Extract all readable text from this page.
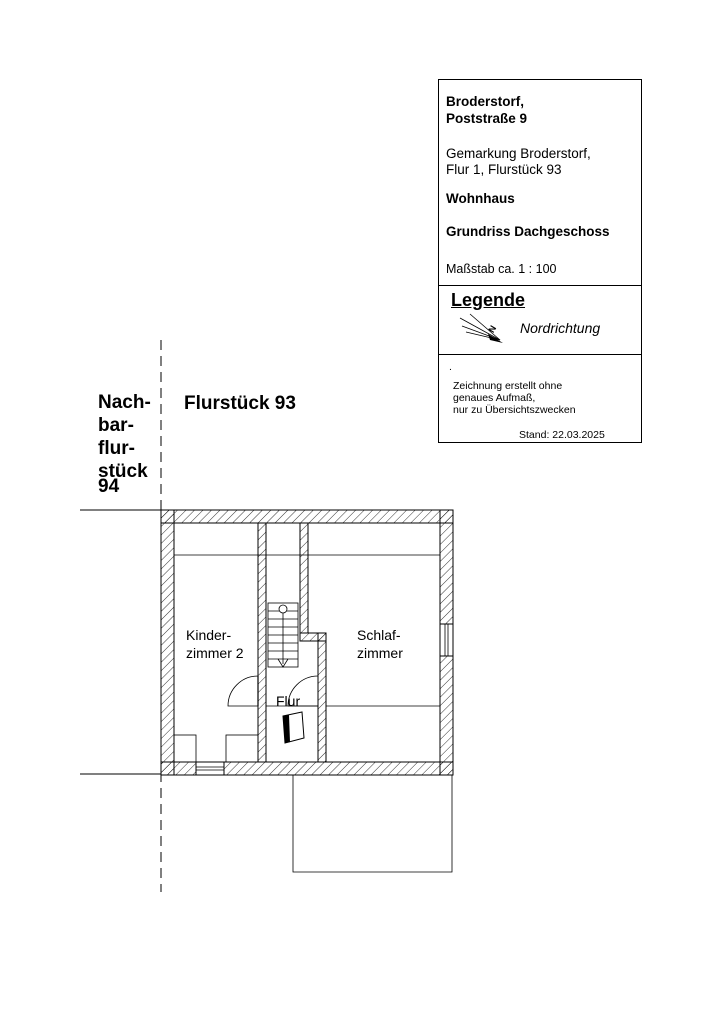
Broderstorf,
Poststraße 9
Gemarkung Broderstorf,
Flur 1, Flurstück 93
Wohnhaus
Grundriss Dachgeschoss
Maßstab ca. 1 : 100
Legende
Nordrichtung
N
.
Zeichnung erstellt ohne
genaues Aufmaß,
nur zu Übersichtszwecken
Stand: 22.03.2025
Nach-
bar-
flur-
stück
94
Flurstück 93
Kinder-
zimmer 2
Schlaf-
zimmer
Flur
